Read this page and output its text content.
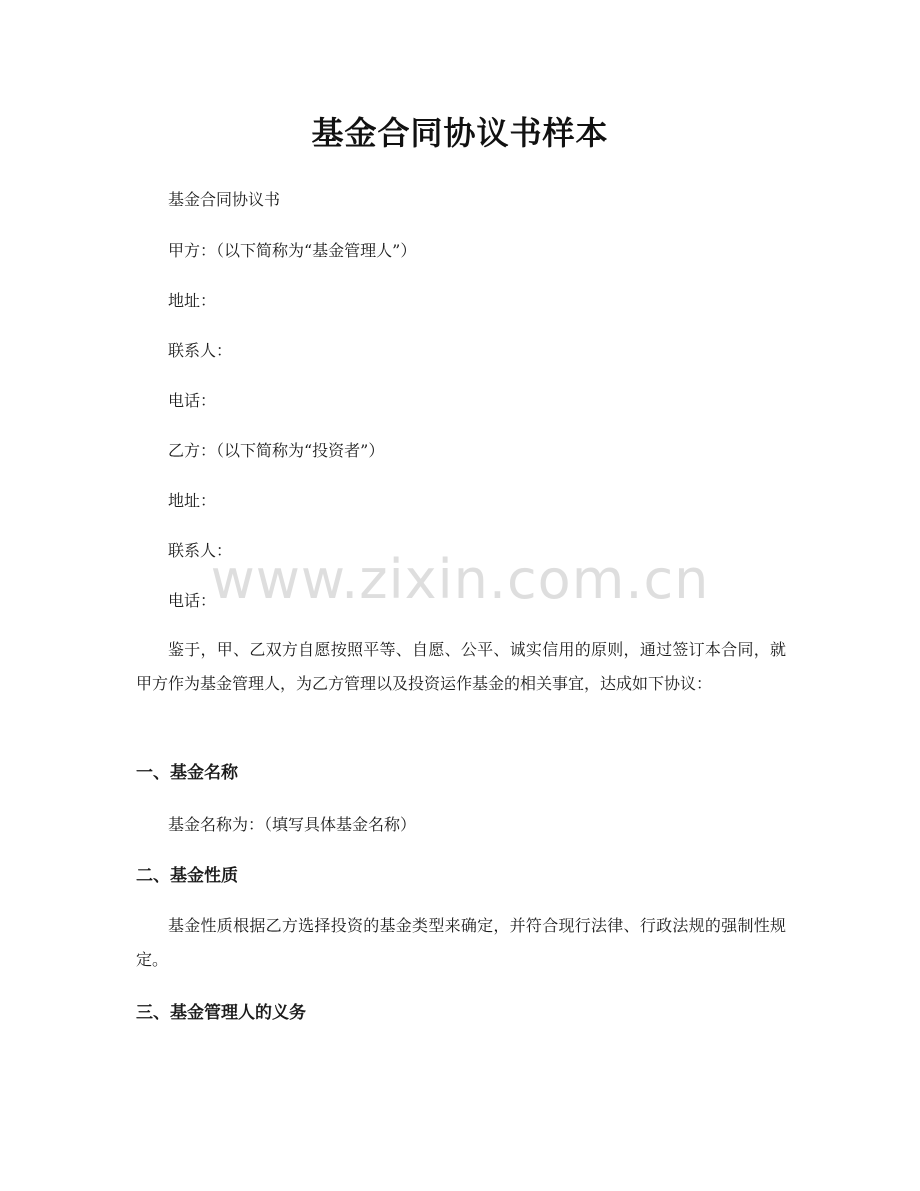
基金合同协议书样本
基金合同协议书
甲方：（以下简称为“基金管理人”）
地址：
联系人：
电话：
乙方：（以下简称为“投资者”）
地址：
联系人：
电话：
鉴于，甲、乙双方自愿按照平等、自愿、公平、诚实信用的原则，通过签订本合同，就甲方作为基金管理人，为乙方管理以及投资运作基金的相关事宜，达成如下协议：
一、基金名称
基金名称为：（填写具体基金名称）
二、基金性质
基金性质根据乙方选择投资的基金类型来确定，并符合现行法律、行政法规的强制性规定。
三、基金管理人的义务
www.zixin.com.cn
